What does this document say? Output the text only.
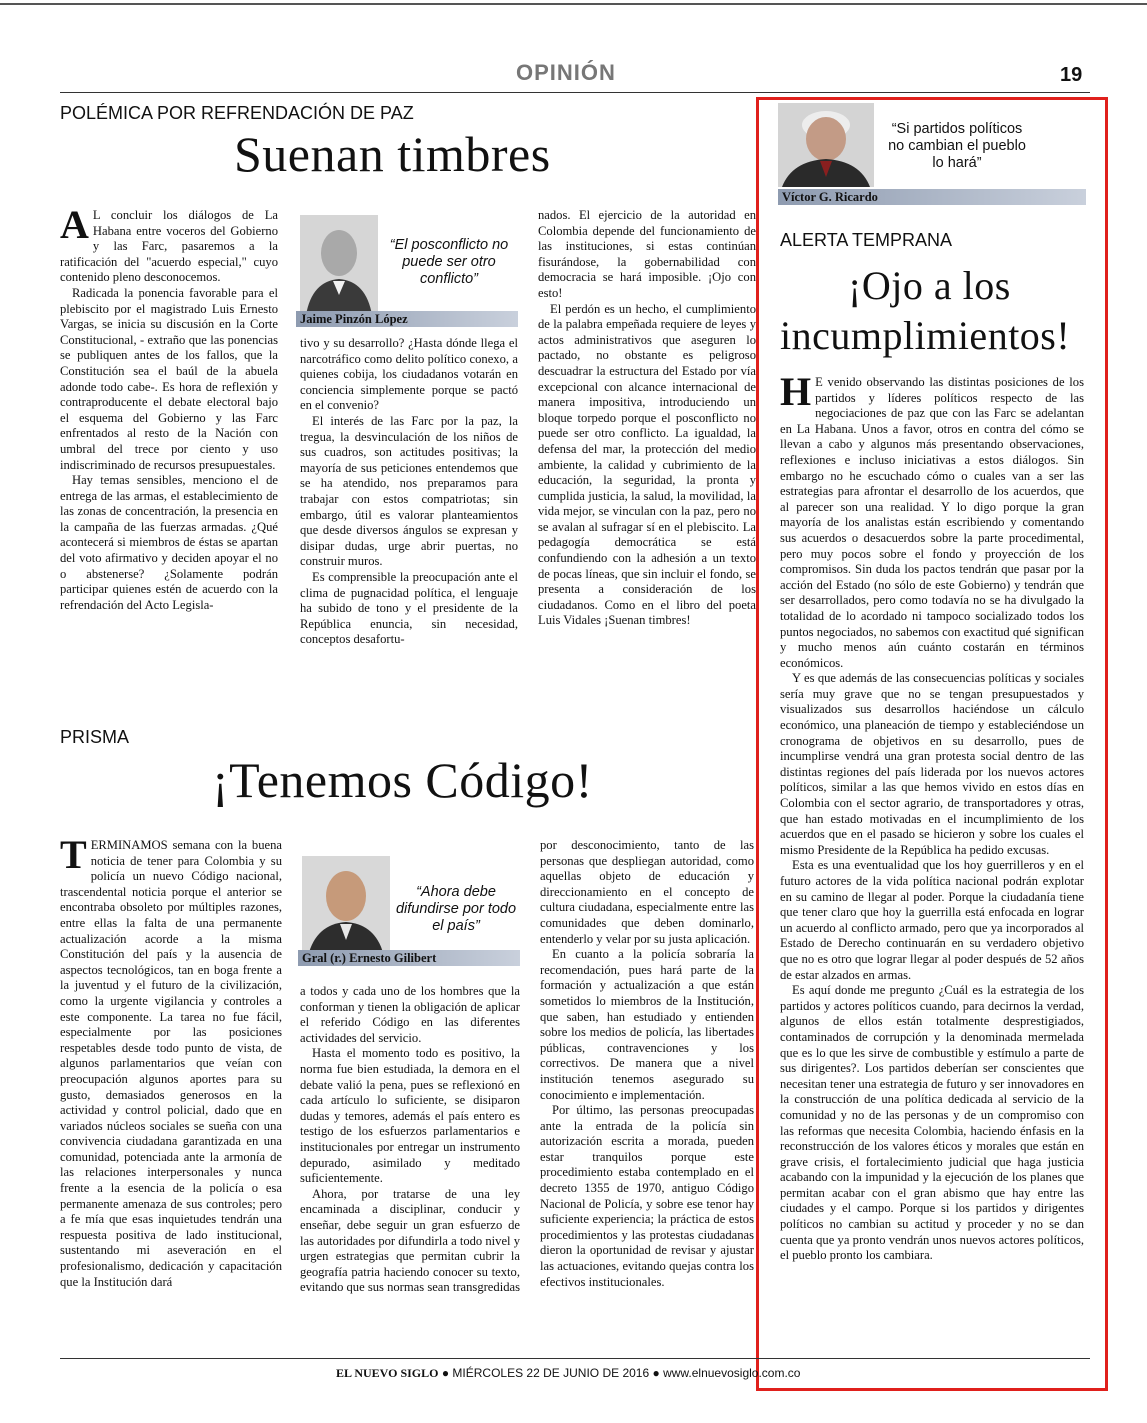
OPINIÓN	19
POLÉMICA POR REFRENDACIÓN DE PAZ
Suenan timbres

A L concluir los diálogos de La Habana entre voceros del Gobierno y las Farc, pasaremos a la ratificación del "acuerdo especial," cuyo contenido pleno desconocemos.

Radicada la ponencia favorable para el plebiscito por el magistrado Luis Ernesto Vargas, se inicia su discusión en la Corte Constitucional, - extraño que las ponencias se publiquen antes de los fallos, que la Constitución sea el baúl de la abuela adonde todo cabe-. Es hora de reflexión y contraproducente el debate electoral bajo el esquema del Gobierno y las Farc enfrentados al resto de la Nación con umbral del trece por ciento y uso indiscriminado de recursos presupuestales.

Hay temas sensibles, menciono el de entrega de las armas, el establecimiento de las zonas de concentración, la presencia en la campaña de las fuerzas armadas. ¿Qué acontecerá si miembros de éstas se apartan del voto afirmativo y deciden apoyar el no o abstenerse? ¿Solamente podrán participar quienes estén de acuerdo con la refrendación del Acto Legisla-

“El posconflicto no puede ser otro conflicto”
Jaime Pinzón López

tivo y su desarrollo? ¿Hasta dónde llega el narcotráfico como delito político conexo, a quienes cobija, los ciudadanos votarán en conciencia simplemente porque se pactó en el convenio?

El interés de las Farc por la paz, la tregua, la desvinculación de los niños de sus cuadros, son actitudes positivas; la mayoría de sus peticiones entendemos que se ha atendido, nos preparamos para trabajar con estos compatriotas; sin embargo, útil es valorar planteamientos que desde diversos ángulos se expresan y disipar dudas, urge abrir puertas, no construir muros.

Es comprensible la preocupación ante el clima de pugnacidad política, el lenguaje ha subido de tono y el presidente de la República enuncia, sin necesidad, conceptos desafortu-

nados. El ejercicio de la autoridad en Colombia depende del funcionamiento de las instituciones, si estas continúan fisurándose, la gobernabilidad con democracia se hará imposible. ¡Ojo con esto!

El perdón es un hecho, el cumplimiento de la palabra empeñada requiere de leyes y actos administrativos que aseguren lo pactado, no obstante es peligroso descuadrar la estructura del Estado por vía excepcional con alcance internacional de manera impositiva, introduciendo un bloque torpedo porque el posconflicto no puede ser otro conflicto. La igualdad, la defensa del mar, la protección del medio ambiente, la calidad y cubrimiento de la educación, la seguridad, la pronta y cumplida justicia, la salud, la movilidad, la vida mejor, se vinculan con la paz, pero no se avalan al sufragar sí en el plebiscito. La pedagogía democrática se está confundiendo con la adhesión a un texto de pocas líneas, que sin incluir el fondo, se presenta a consideración de los ciudadanos. Como en el libro del poeta Luis Vidales ¡Suenan timbres!

PRISMA
¡Tenemos Código!

TERMINAMOS semana con la buena noticia de tener para Colombia y su policía un nuevo Código nacional, trascendental noticia porque el anterior se encontraba obsoleto por múltiples razones, entre ellas la falta de una permanente actualización acorde a la misma Constitución del país y la ausencia de aspectos tecnológicos, tan en boga frente a la juventud y el futuro de la civilización, como la urgente vigilancia y controles a este componente. La tarea no fue fácil, especialmente por las posiciones respetables desde todo punto de vista, de algunos parlamentarios que veían con preocupación algunos aportes para su gusto, demasiados generosos en la actividad y control policial, dado que en variados núcleos sociales se sueña con una convivencia ciudadana garantizada en una comunidad, potenciada ante la armonía de las relaciones interpersonales y nunca frente a la esencia de la policía o esa permanente amenaza de sus controles; pero a fe mía que esas inquietudes tendrán una respuesta positiva de lado institucional, sustentando mi aseveración en el profesionalismo, dedicación y capacitación que la Institución dará

“Ahora debe difundirse por todo el país”
Gral (r.) Ernesto Gilibert

a todos y cada uno de los hombres que la conforman y tienen la obligación de aplicar el referido Código en las diferentes actividades del servicio.

Hasta el momento todo es positivo, la norma fue bien estudiada, la demora en el debate valió la pena, pues se reflexionó en cada artículo lo suficiente, se disiparon dudas y temores, además el país entero es testigo de los esfuerzos parlamentarios e institucionales por entregar un instrumento depurado, asimilado y meditado suficientemente.

Ahora, por tratarse de una ley encaminada a disciplinar, conducir y enseñar, debe seguir un gran esfuerzo de las autoridades por difundirla a todo nivel y urgen estrategias que permitan cubrir la geografía patria haciendo conocer su texto, evitando que sus normas sean transgredidas

por desconocimiento, tanto de las personas que despliegan autoridad, como aquellas objeto de educación y direccionamiento en el concepto de cultura ciudadana, especialmente entre las comunidades que deben dominarlo, entenderlo y velar por su justa aplicación.

En cuanto a la policía sobraría la recomendación, pues hará parte de la formación y actualización a que están sometidos lo miembros de la Institución, que saben, han estudiado y entienden sobre los medios de policía, las libertades públicas, contravenciones y los correctivos. De manera que a nivel institución tenemos asegurado su conocimiento e implementación.

Por último, las personas preocupadas ante la entrada de la policía sin autorización escrita a morada, pueden estar tranquilos porque este procedimiento estaba contemplado en el decreto 1355 de 1970, antiguo Código Nacional de Policía, y sobre ese tenor hay suficiente experiencia; la práctica de estos procedimientos y las protestas ciudadanas dieron la oportunidad de revisar y ajustar las actuaciones, evitando quejas contra los efectivos institucionales.

“Si partidos políticos no cambian el pueblo lo hará”
Víctor G. Ricardo
ALERTA TEMPRANA
¡Ojo a los
incumplimientos!

H E venido observando las distintas posiciones de los partidos y líderes políticos respecto de las negociaciones de paz que con las Farc se adelantan en La Habana. Unos a favor, otros en contra del cómo se llevan a cabo y algunos más presentando observaciones, reflexiones e incluso iniciativas a estos diálogos. Sin embargo no he escuchado cómo o cuales van a ser las estrategias para afrontar el desarrollo de los acuerdos, que al parecer son una realidad. Y lo digo porque la gran mayoría de los analistas están escribiendo y comentando sus acuerdos o desacuerdos sobre la parte procedimental, pero muy pocos sobre el fondo y proyección de los compromisos. Sin duda los pactos tendrán que pasar por la acción del Estado (no sólo de este Gobierno) y tendrán que ser desarrollados, pero como todavía no se ha divulgado la totalidad de lo acordado ni tampoco socializado todos los puntos negociados, no sabemos con exactitud qué significan y mucho menos aún cuánto costarán en términos económicos.

Y es que además de las consecuencias políticas y sociales sería muy grave que no se tengan presupuestados y visualizados sus desarrollos haciéndose un cálculo económico, una planeación de tiempo y estableciéndose un cronograma de objetivos en su desarrollo, pues de incumplirse vendrá una gran protesta social dentro de las distintas regiones del país liderada por los nuevos actores políticos, similar a las que hemos vivido en estos días en Colombia con el sector agrario, de transportadores y otras, que han estado motivadas en el incumplimiento de los acuerdos que en el pasado se hicieron y sobre los cuales el mismo Presidente de la República ha pedido excusas.

Esta es una eventualidad que los hoy guerrilleros y en el futuro actores de la vida política nacional podrán explotar en su camino de llegar al poder. Porque la ciudadanía tiene que tener claro que hoy la guerrilla está enfocada en lograr un acuerdo al conflicto armado, pero que ya incorporados al Estado de Derecho continuarán en su verdadero objetivo que no es otro que lograr llegar al poder después de 52 años de estar alzados en armas.

Es aquí donde me pregunto ¿Cuál es la estrategia de los partidos y actores políticos cuando, para decirnos la verdad, algunos de ellos están totalmente desprestigiados, contaminados de corrupción y la denominada mermelada que es lo que les sirve de combustible y estímulo a parte de sus dirigentes?. Los partidos deberían ser conscientes que necesitan tener una estrategia de futuro y ser innovadores en la construcción de una política dedicada al servicio de la comunidad y no de las personas y de un compromiso con las reformas que necesita Colombia, haciendo énfasis en la reconstrucción de los valores éticos y morales que están en grave crisis, el fortalecimiento judicial que haga justicia acabando con la impunidad y la ejecución de los planes que permitan acabar con el gran abismo que hay entre las ciudades y el campo. Porque si los partidos y dirigentes políticos no cambian su actitud y proceder y no se dan cuenta que ya pronto vendrán unos nuevos actores políticos, el pueblo pronto los cambiara.

EL NUEVO SIGLO ● MIÉRCOLES 22 DE JUNIO DE 2016 ● www.elnuevosiglo.com.co
